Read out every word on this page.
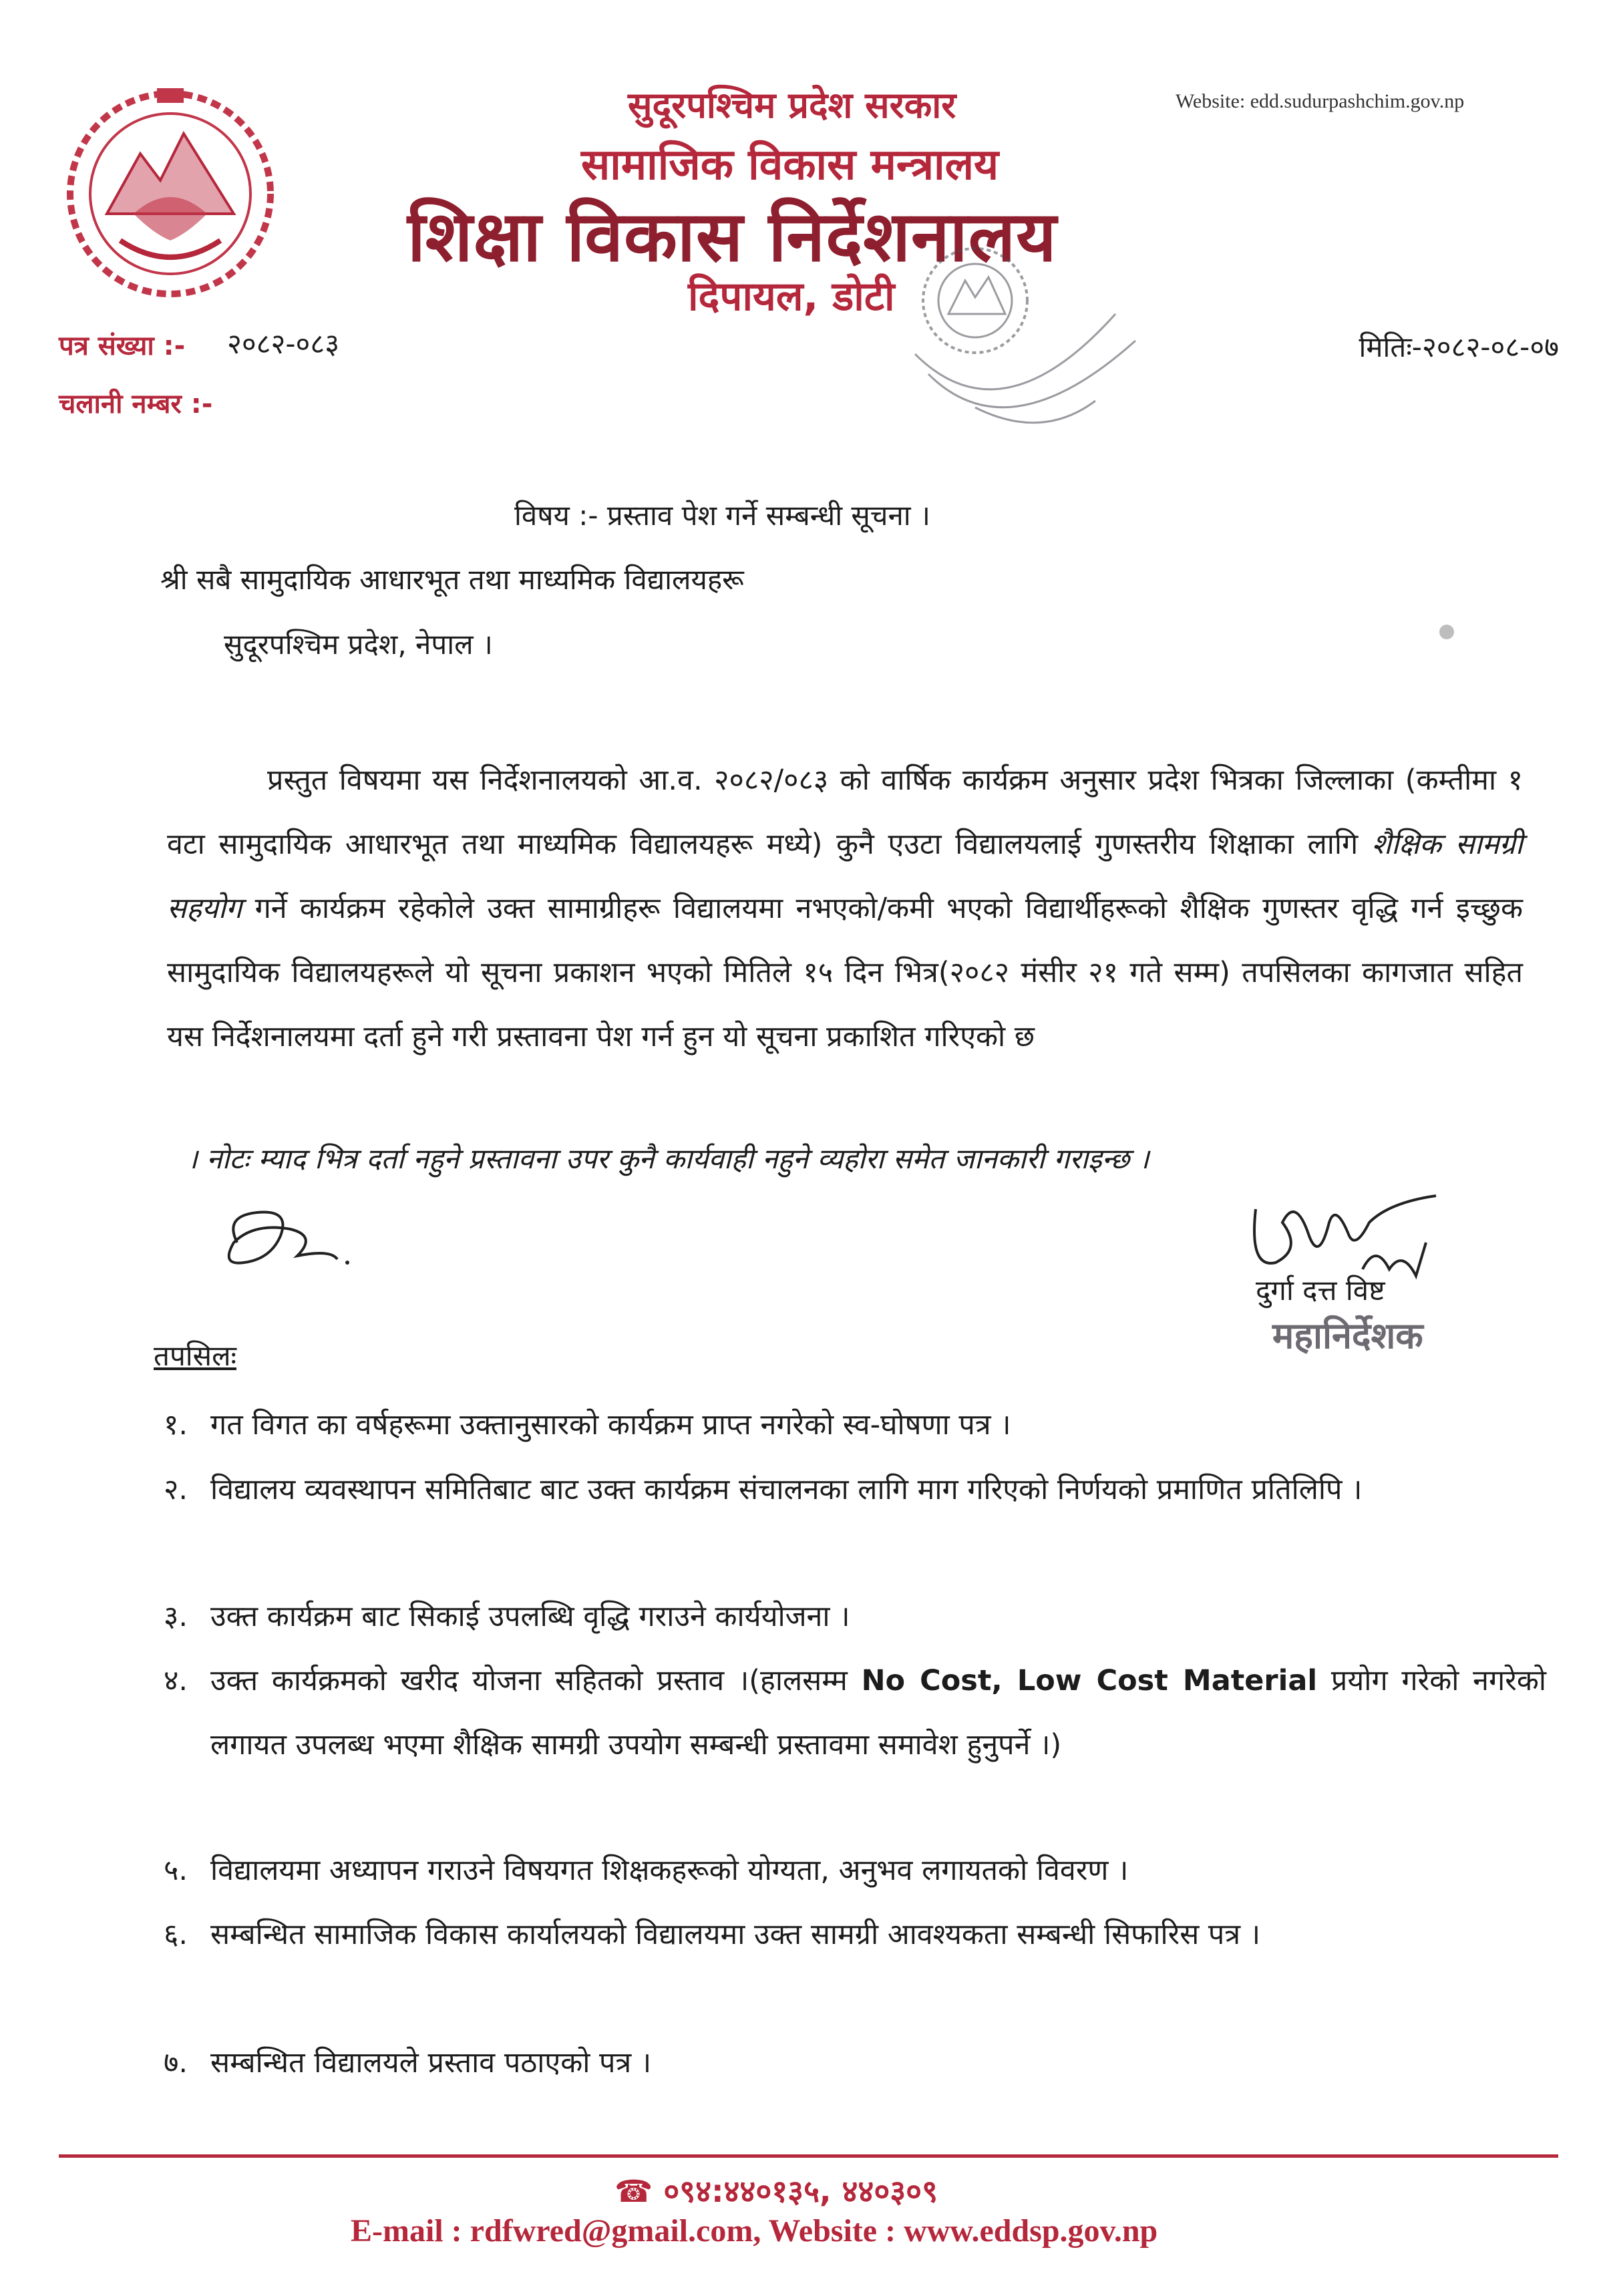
सुदूरपश्चिम प्रदेश सरकार
सामाजिक विकास मन्त्रालय
शिक्षा विकास निर्देशनालय
दिपायल, डोटी
Website: edd.sudurpashchim.gov.np
पत्र संख्या :- २०८२-०८३
चलानी नम्बर :-
मितिः-२०८२-०८-०७
विषय :- प्रस्ताव पेश गर्ने सम्बन्धी सूचना ।
श्री सबै सामुदायिक आधारभूत तथा माध्यमिक विद्यालयहरू
सुदूरपश्चिम प्रदेश, नेपाल ।
प्रस्तुत विषयमा यस निर्देशनालयको आ.व. २०८२/०८३ को वार्षिक कार्यक्रम अनुसार प्रदेश भित्रका जिल्लाका (कम्तीमा १ वटा सामुदायिक आधारभूत तथा माध्यमिक विद्यालयहरू मध्ये) कुनै एउटा विद्यालयलाई गुणस्तरीय शिक्षाका लागि शैक्षिक सामग्री सहयोग गर्ने कार्यक्रम रहेकोले उक्त सामाग्रीहरू विद्यालयमा नभएको/कमी भएको विद्यार्थीहरूको शैक्षिक गुणस्तर वृद्धि गर्न इच्छुक सामुदायिक विद्यालयहरूले यो सूचना प्रकाशन भएको मितिले १५ दिन भित्र(२०८२ मंसीर २१ गते सम्म) तपसिलका कागजात सहित यस निर्देशनालयमा दर्ता हुने गरी प्रस्तावना पेश गर्न हुन यो सूचना प्रकाशित गरिएको छ
। नोटः म्याद भित्र दर्ता नहुने प्रस्तावना उपर कुनै कार्यवाही नहुने व्यहोरा समेत जानकारी गराइन्छ ।
दुर्गा दत्त विष्ट
महानिर्देशक
तपसिलः
१. गत विगत का वर्षहरूमा उक्तानुसारको कार्यक्रम प्राप्त नगरेको स्व-घोषणा पत्र ।
२. विद्यालय व्यवस्थापन समितिबाट बाट उक्त कार्यक्रम संचालनका लागि माग गरिएको निर्णयको प्रमाणित प्रतिलिपि ।
३. उक्त कार्यक्रम बाट सिकाई उपलब्धि वृद्धि गराउने कार्ययोजना ।
४. उक्त कार्यक्रमको खरीद योजना सहितको प्रस्ताव ।(हालसम्म No Cost, Low Cost Material प्रयोग गरेको नगरेको लगायत उपलब्ध भएमा शैक्षिक सामग्री उपयोग सम्बन्धी प्रस्तावमा समावेश हुनुपर्ने ।)
५. विद्यालयमा अध्यापन गराउने विषयगत शिक्षकहरूको योग्यता, अनुभव लगायतको विवरण ।
६. सम्बन्धित सामाजिक विकास कार्यालयको विद्यालयमा उक्त सामग्री आवश्यकता सम्बन्धी सिफारिस पत्र ।
७. सम्बन्धित विद्यालयले प्रस्ताव पठाएको पत्र ।
☎ ०९४:४४०१३५, ४४०३०९
E-mail : rdfwred@gmail.com, Website : www.eddsp.gov.np
